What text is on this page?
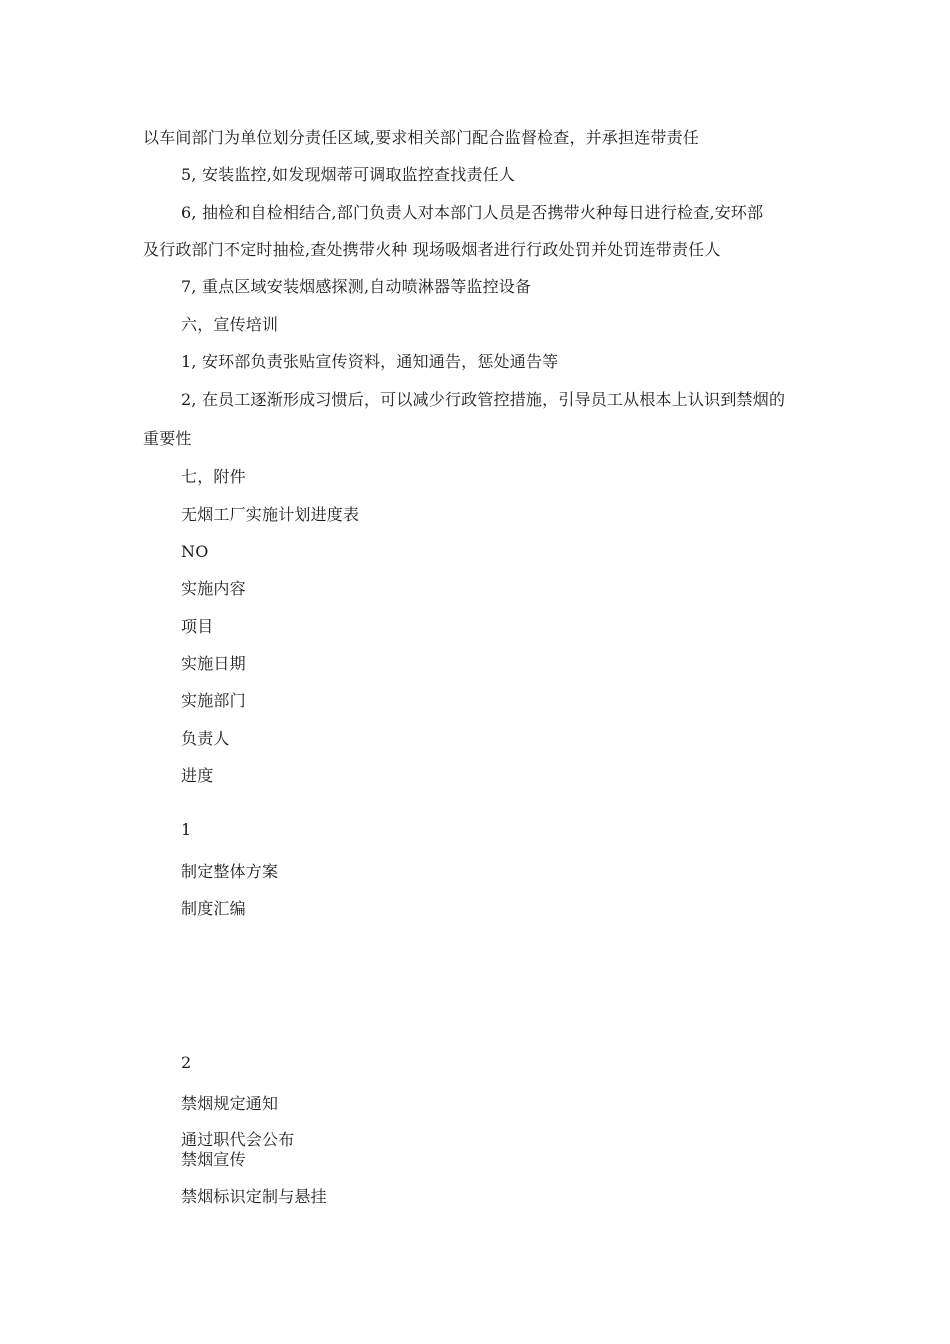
以车间部门为单位划分责任区域,要求相关部门配合监督检查，并承担连带责任
5, 安装监控,如发现烟蒂可调取监控查找责任人
6, 抽检和自检相结合,部门负责人对本部门人员是否携带火种每日进行检查,安环部
及行政部门不定时抽检,查处携带火种 现场吸烟者进行行政处罚并处罚连带责任人
7, 重点区域安装烟感探测,自动喷淋器等监控设备
六，宣传培训
1, 安环部负责张贴宣传资料，通知通告，惩处通告等
2, 在员工逐渐形成习惯后，可以减少行政管控措施，引导员工从根本上认识到禁烟的
重要性
七，附件
无烟工厂实施计划进度表
NO
实施内容
项目
实施日期
实施部门
负责人
进度
1
制定整体方案
制度汇编
2
禁烟规定通知
通过职代会公布
禁烟宣传
禁烟标识定制与悬挂
